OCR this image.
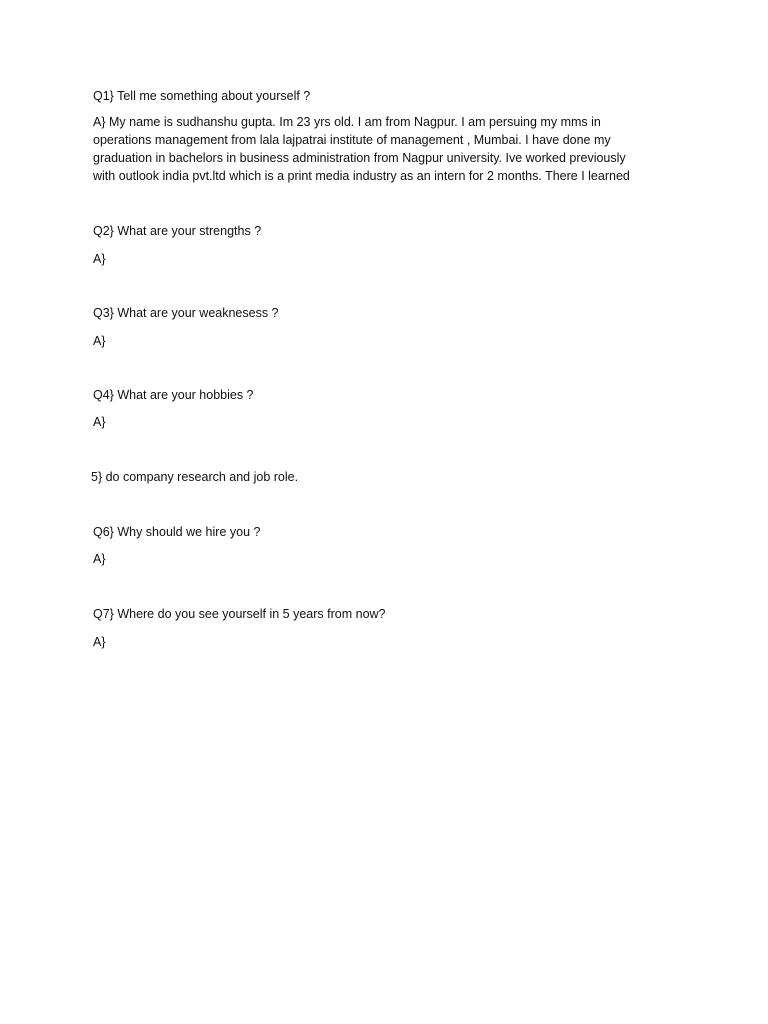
Q1} Tell me something about yourself ?
A} My name is sudhanshu gupta. Im 23 yrs old. I am from Nagpur. I am persuing my mms in
operations management from lala lajpatrai institute of management , Mumbai. I have done my
graduation in bachelors in business administration from Nagpur university. Ive worked previously
with outlook india pvt.ltd which is a print media industry as an intern for 2 months. There I learned
Q2} What are your strengths ?
A}
Q3} What are your weaknesess ?
A}
Q4} What are your hobbies ?
A}
5} do company research and job role.
Q6} Why should we hire you ?
A}
Q7} Where do you see yourself in 5 years from now?
A}
